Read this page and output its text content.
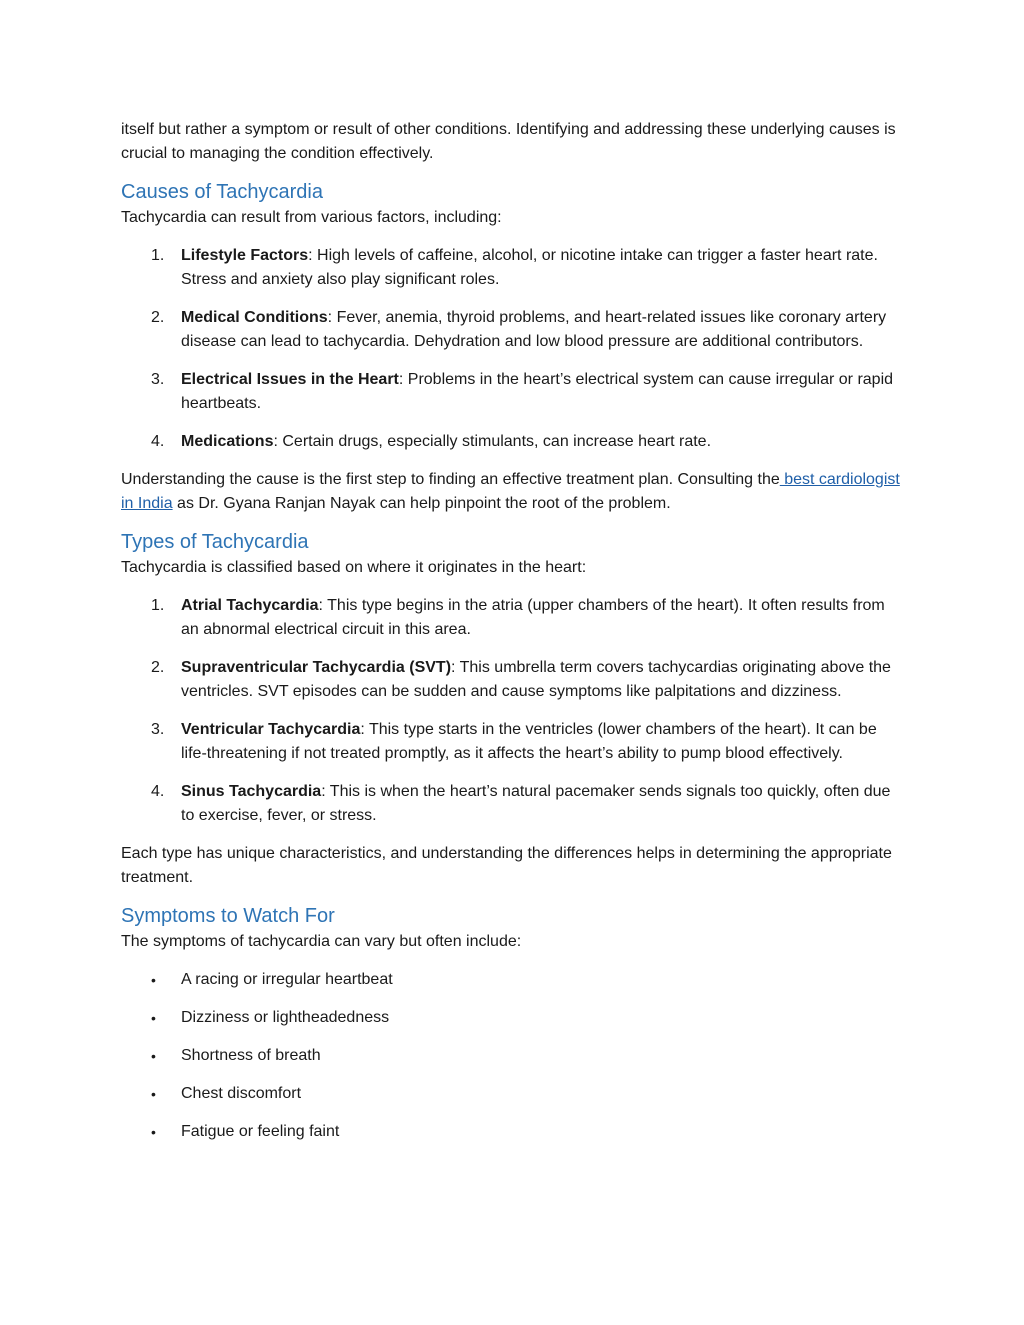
itself but rather a symptom or result of other conditions. Identifying and addressing these underlying causes is crucial to managing the condition effectively.

Causes of Tachycardia

Tachycardia can result from various factors, including:

1.	Lifestyle Factors: High levels of caffeine, alcohol, or nicotine intake can trigger a faster heart rate. Stress and anxiety also play significant roles.
2.	Medical Conditions: Fever, anemia, thyroid problems, and heart-related issues like coronary artery disease can lead to tachycardia. Dehydration and low blood pressure are additional contributors.
3.	Electrical Issues in the Heart: Problems in the heart’s electrical system can cause irregular or rapid heartbeats.
4.	Medications: Certain drugs, especially stimulants, can increase heart rate.

Understanding the cause is the first step to finding an effective treatment plan. Consulting the best cardiologist in India as Dr. Gyana Ranjan Nayak can help pinpoint the root of the problem.

Types of Tachycardia

Tachycardia is classified based on where it originates in the heart:

1.	Atrial Tachycardia: This type begins in the atria (upper chambers of the heart). It often results from an abnormal electrical circuit in this area.
2.	Supraventricular Tachycardia (SVT): This umbrella term covers tachycardias originating above the ventricles. SVT episodes can be sudden and cause symptoms like palpitations and dizziness.
3.	Ventricular Tachycardia: This type starts in the ventricles (lower chambers of the heart). It can be life-threatening if not treated promptly, as it affects the heart’s ability to pump blood effectively.
4.	Sinus Tachycardia: This is when the heart’s natural pacemaker sends signals too quickly, often due to exercise, fever, or stress.

Each type has unique characteristics, and understanding the differences helps in determining the appropriate treatment.

Symptoms to Watch For

The symptoms of tachycardia can vary but often include:

•	A racing or irregular heartbeat
•	Dizziness or lightheadedness
•	Shortness of breath
•	Chest discomfort
•	Fatigue or feeling faint
